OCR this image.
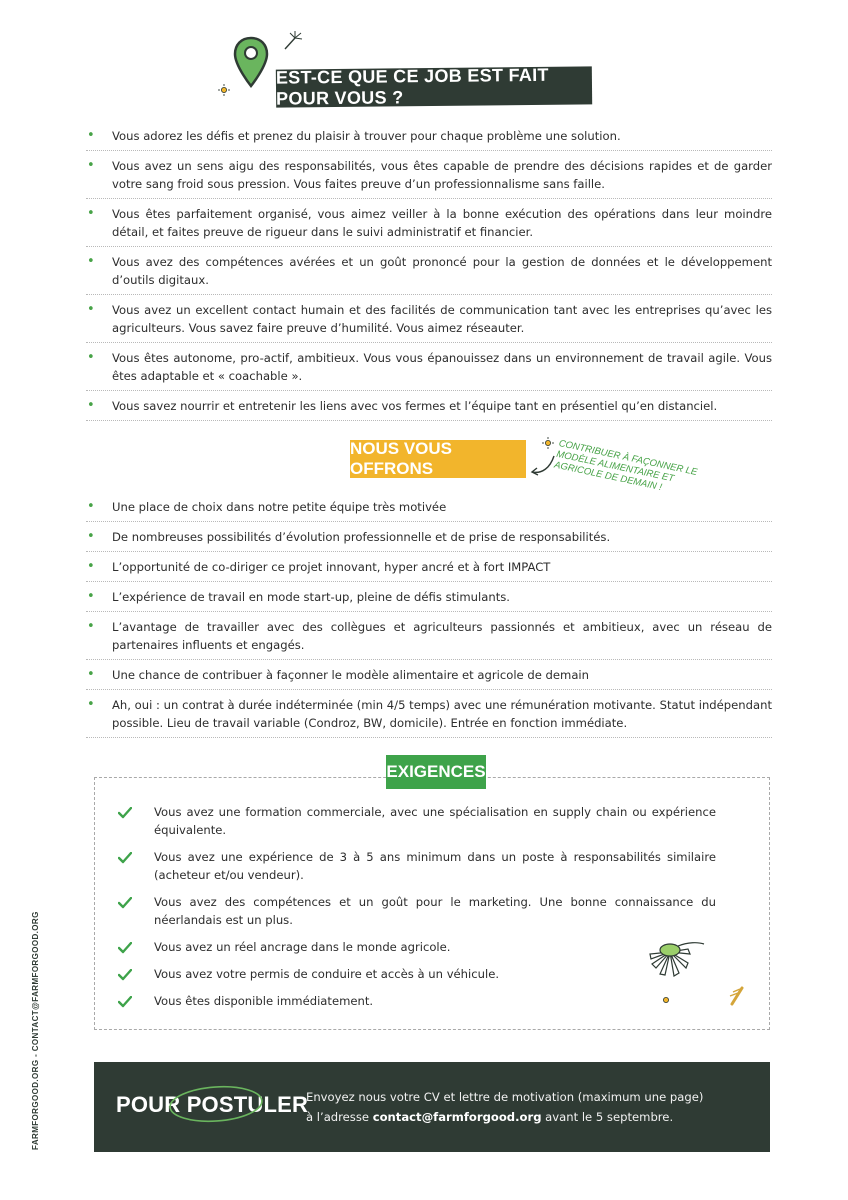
EST-CE QUE CE JOB EST FAIT POUR VOUS ?
• Vous adorez les défis et prenez du plaisir à trouver pour chaque problème une solution.
• Vous avez un sens aigu des responsabilités, vous êtes capable de prendre des décisions rapides et de garder votre sang froid sous pression. Vous faites preuve d’un professionnalisme sans faille.
• Vous êtes parfaitement organisé, vous aimez veiller à la bonne exécution des opérations dans leur moindre détail, et faites preuve de rigueur dans le suivi administratif et financier.
• Vous avez des compétences avérées et un goût prononcé pour la gestion de données et le développement d’outils digitaux.
• Vous avez un excellent contact humain et des facilités de communication tant avec les entreprises qu’avec les agriculteurs. Vous savez faire preuve d’humilité. Vous aimez réseauter.
• Vous êtes autonome, pro-actif, ambitieux. Vous vous épanouissez dans un environnement de travail agile. Vous êtes adaptable et « coachable ».
• Vous savez nourrir et entretenir les liens avec vos fermes et l’équipe tant en présentiel qu’en distanciel.
NOUS VOUS OFFRONS	CONTRIBUER À FAÇONNER LE MODÈLE ALIMENTAIRE ET AGRICOLE DE DEMAIN !
• Une place de choix dans notre petite équipe très motivée
• De nombreuses possibilités d’évolution professionnelle et de prise de responsabilités.
• L’opportunité de co-diriger ce projet innovant, hyper ancré et à fort IMPACT
• L’expérience de travail en mode start-up, pleine de défis stimulants.
• L’avantage de travailler avec des collègues et agriculteurs passionnés et ambitieux, avec un réseau de partenaires influents et engagés.
• Une chance de contribuer à façonner le modèle alimentaire et agricole de demain
• Ah, oui : un contrat à durée indéterminée (min 4/5 temps) avec une rémunération motivante. Statut indépendant possible. Lieu de travail variable (Condroz, BW, domicile). Entrée en fonction immédiate.
EXIGENCES
Vous avez une formation commerciale, avec une spécialisation en supply chain ou expérience équivalente.
Vous avez une expérience de 3 à 5 ans minimum dans un poste à responsabilités similaire (acheteur et/ou vendeur).
Vous avez des compétences et un goût pour le marketing. Une bonne connaissance du néerlandais est un plus.
Vous avez un réel ancrage dans le monde agricole.
Vous avez votre permis de conduire et accès à un véhicule.
Vous êtes disponible immédiatement.
POUR POSTULER
Envoyez nous votre CV et lettre de motivation (maximum une page)
à l’adresse contact@farmforgood.org avant le 5 septembre.
FARMFORGOOD.ORG - CONTACT@FARMFORGOOD.ORG
